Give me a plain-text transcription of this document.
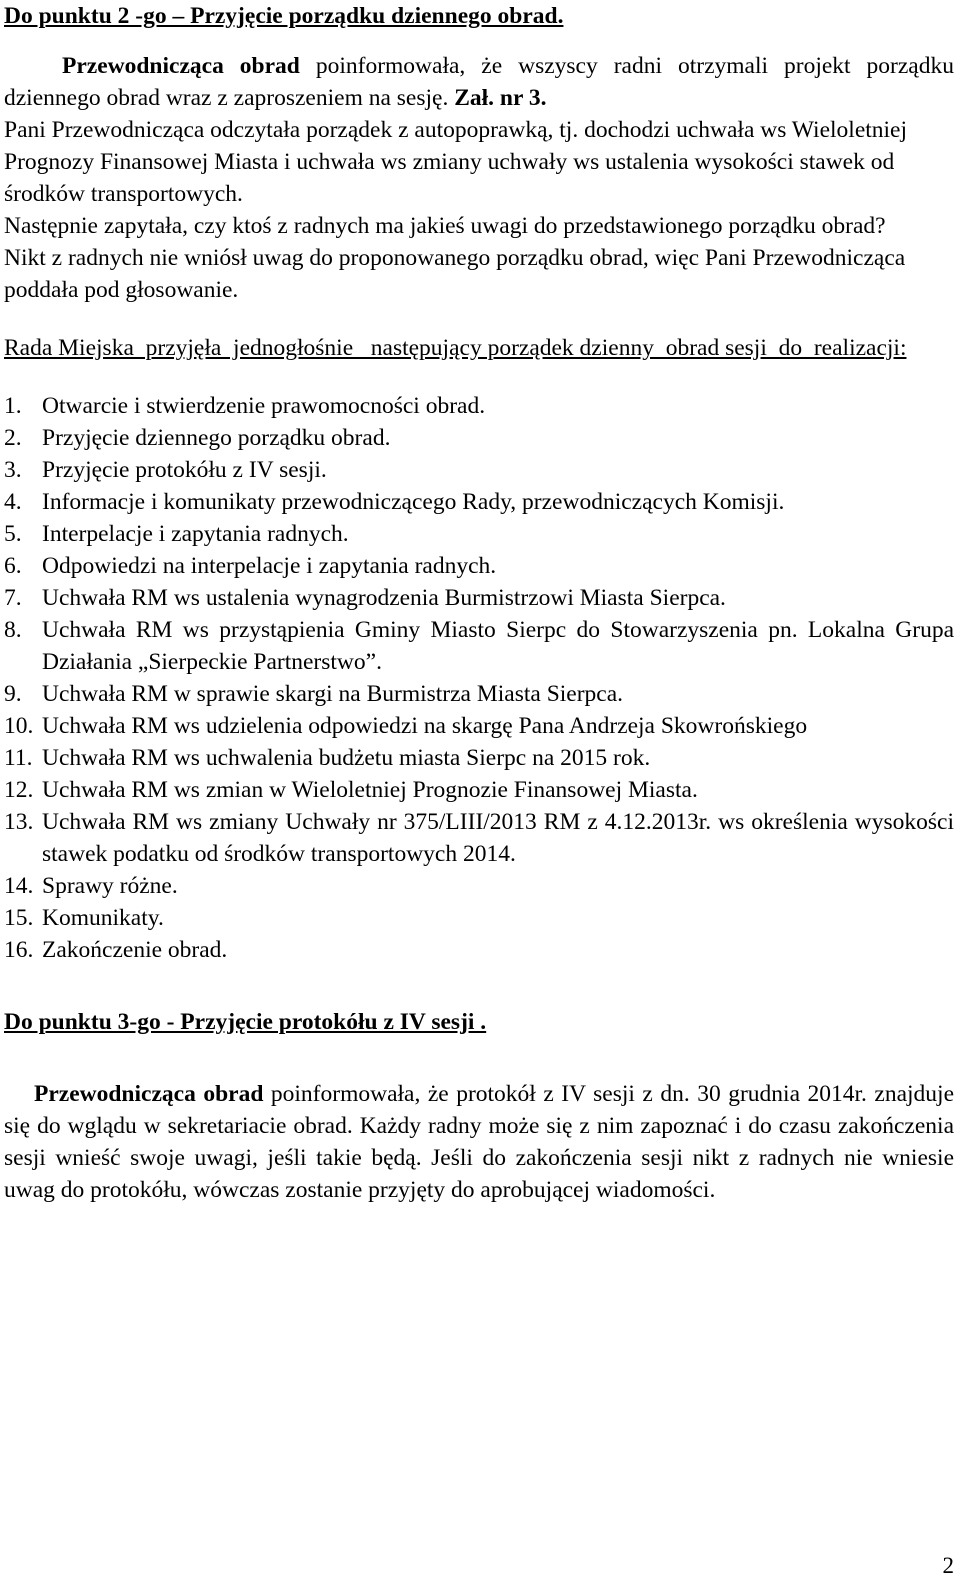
Do punktu 2 -go – Przyjęcie porządku dziennego obrad.

Przewodnicząca obrad poinformowała, że wszyscy radni otrzymali projekt porządku dziennego obrad wraz z zaproszeniem na sesję. Zał. nr 3.

Pani Przewodnicząca odczytała porządek z autopoprawką, tj. dochodzi uchwała ws Wieloletniej Prognozy Finansowej Miasta i uchwała ws zmiany uchwały ws ustalenia wysokości stawek od środków transportowych.

Następnie zapytała, czy ktoś z radnych ma jakieś uwagi do przedstawionego porządku obrad?

Nikt z radnych nie wniósł uwag do proponowanego porządku obrad, więc Pani Przewodnicząca poddała pod głosowanie.

Rada Miejska  przyjęła  jednogłośnie   następujący porządek dzienny  obrad sesji  do  realizacji:

1. Otwarcie i stwierdzenie prawomocności obrad.
2. Przyjęcie dziennego porządku obrad.
3. Przyjęcie protokółu z IV sesji.
4. Informacje i komunikaty przewodniczącego Rady, przewodniczących Komisji.
5. Interpelacje i zapytania radnych.
6. Odpowiedzi na interpelacje i zapytania radnych.
7. Uchwała RM ws ustalenia wynagrodzenia Burmistrzowi Miasta Sierpca.
8. Uchwała RM ws przystąpienia Gminy Miasto Sierpc do Stowarzyszenia pn. Lokalna Grupa Działania „Sierpeckie Partnerstwo”.
9. Uchwała RM w sprawie skargi na Burmistrza Miasta Sierpca.
10. Uchwała RM ws udzielenia odpowiedzi na skargę Pana Andrzeja Skowrońskiego
11. Uchwała RM ws uchwalenia budżetu miasta Sierpc na 2015 rok.
12. Uchwała RM ws zmian w Wieloletniej Prognozie Finansowej Miasta.
13. Uchwała RM ws zmiany Uchwały nr 375/LIII/2013 RM z 4.12.2013r. ws określenia wysokości stawek podatku od środków transportowych 2014.
14. Sprawy różne.
15. Komunikaty.
16. Zakończenie obrad.

Do punktu 3-go - Przyjęcie protokółu z IV sesji .

Przewodnicząca obrad poinformowała, że protokół z IV sesji z dn. 30 grudnia 2014r. znajduje się do wglądu w sekretariacie obrad. Każdy radny może się z nim zapoznać i do czasu zakończenia sesji wnieść swoje uwagi, jeśli takie będą. Jeśli do zakończenia sesji nikt z radnych nie wniesie uwag do protokółu, wówczas zostanie przyjęty do aprobującej wiadomości.

2
